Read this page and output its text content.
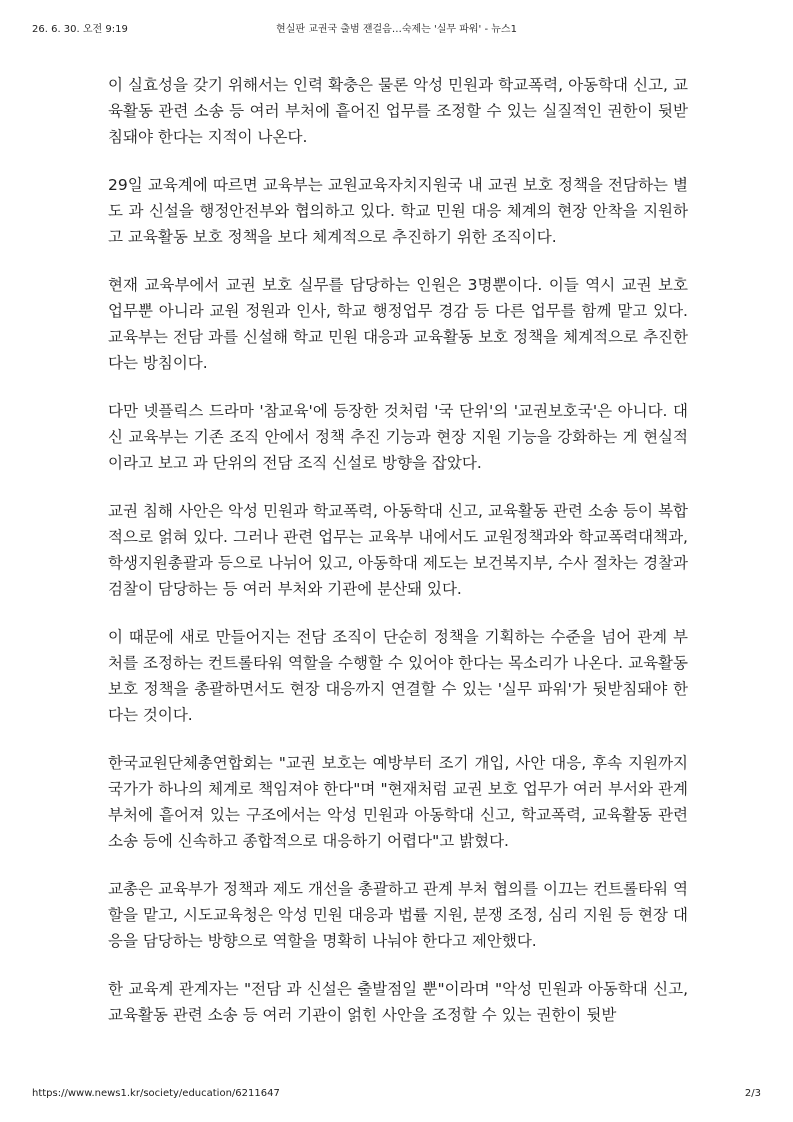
26. 6. 30. 오전 9:19	현실판 교권국 출범 잰걸음…숙제는 '실무 파워' - 뉴스1

이 실효성을 갖기 위해서는 인력 확충은 물론 악성 민원과 학교폭력, 아동학대 신고, 교육활동 관련 소송 등 여러 부처에 흩어진 업무를 조정할 수 있는 실질적인 권한이 뒷받침돼야 한다는 지적이 나온다.

29일 교육계에 따르면 교육부는 교원교육자치지원국 내 교권 보호 정책을 전담하는 별도 과 신설을 행정안전부와 협의하고 있다. 학교 민원 대응 체계의 현장 안착을 지원하고 교육활동 보호 정책을 보다 체계적으로 추진하기 위한 조직이다.

현재 교육부에서 교권 보호 실무를 담당하는 인원은 3명뿐이다. 이들 역시 교권 보호 업무뿐 아니라 교원 정원과 인사, 학교 행정업무 경감 등 다른 업무를 함께 맡고 있다. 교육부는 전담 과를 신설해 학교 민원 대응과 교육활동 보호 정책을 체계적으로 추진한다는 방침이다.

다만 넷플릭스 드라마 '참교육'에 등장한 것처럼 '국 단위'의 '교권보호국'은 아니다. 대신 교육부는 기존 조직 안에서 정책 추진 기능과 현장 지원 기능을 강화하는 게 현실적이라고 보고 과 단위의 전담 조직 신설로 방향을 잡았다.

교권 침해 사안은 악성 민원과 학교폭력, 아동학대 신고, 교육활동 관련 소송 등이 복합적으로 얽혀 있다. 그러나 관련 업무는 교육부 내에서도 교원정책과와 학교폭력대책과, 학생지원총괄과 등으로 나뉘어 있고, 아동학대 제도는 보건복지부, 수사 절차는 경찰과 검찰이 담당하는 등 여러 부처와 기관에 분산돼 있다.

이 때문에 새로 만들어지는 전담 조직이 단순히 정책을 기획하는 수준을 넘어 관계 부처를 조정하는 컨트롤타워 역할을 수행할 수 있어야 한다는 목소리가 나온다. 교육활동 보호 정책을 총괄하면서도 현장 대응까지 연결할 수 있는 '실무 파워'가 뒷받침돼야 한다는 것이다.

한국교원단체총연합회는 "교권 보호는 예방부터 조기 개입, 사안 대응, 후속 지원까지 국가가 하나의 체계로 책임져야 한다"며 "현재처럼 교권 보호 업무가 여러 부서와 관계 부처에 흩어져 있는 구조에서는 악성 민원과 아동학대 신고, 학교폭력, 교육활동 관련 소송 등에 신속하고 종합적으로 대응하기 어렵다"고 밝혔다.

교총은 교육부가 정책과 제도 개선을 총괄하고 관계 부처 협의를 이끄는 컨트롤타워 역할을 맡고, 시도교육청은 악성 민원 대응과 법률 지원, 분쟁 조정, 심리 지원 등 현장 대응을 담당하는 방향으로 역할을 명확히 나눠야 한다고 제안했다.

한 교육계 관계자는 "전담 과 신설은 출발점일 뿐"이라며 "악성 민원과 아동학대 신고, 교육활동 관련 소송 등 여러 기관이 얽힌 사안을 조정할 수 있는 권한이 뒷받

https://www.news1.kr/society/education/6211647	2/3
